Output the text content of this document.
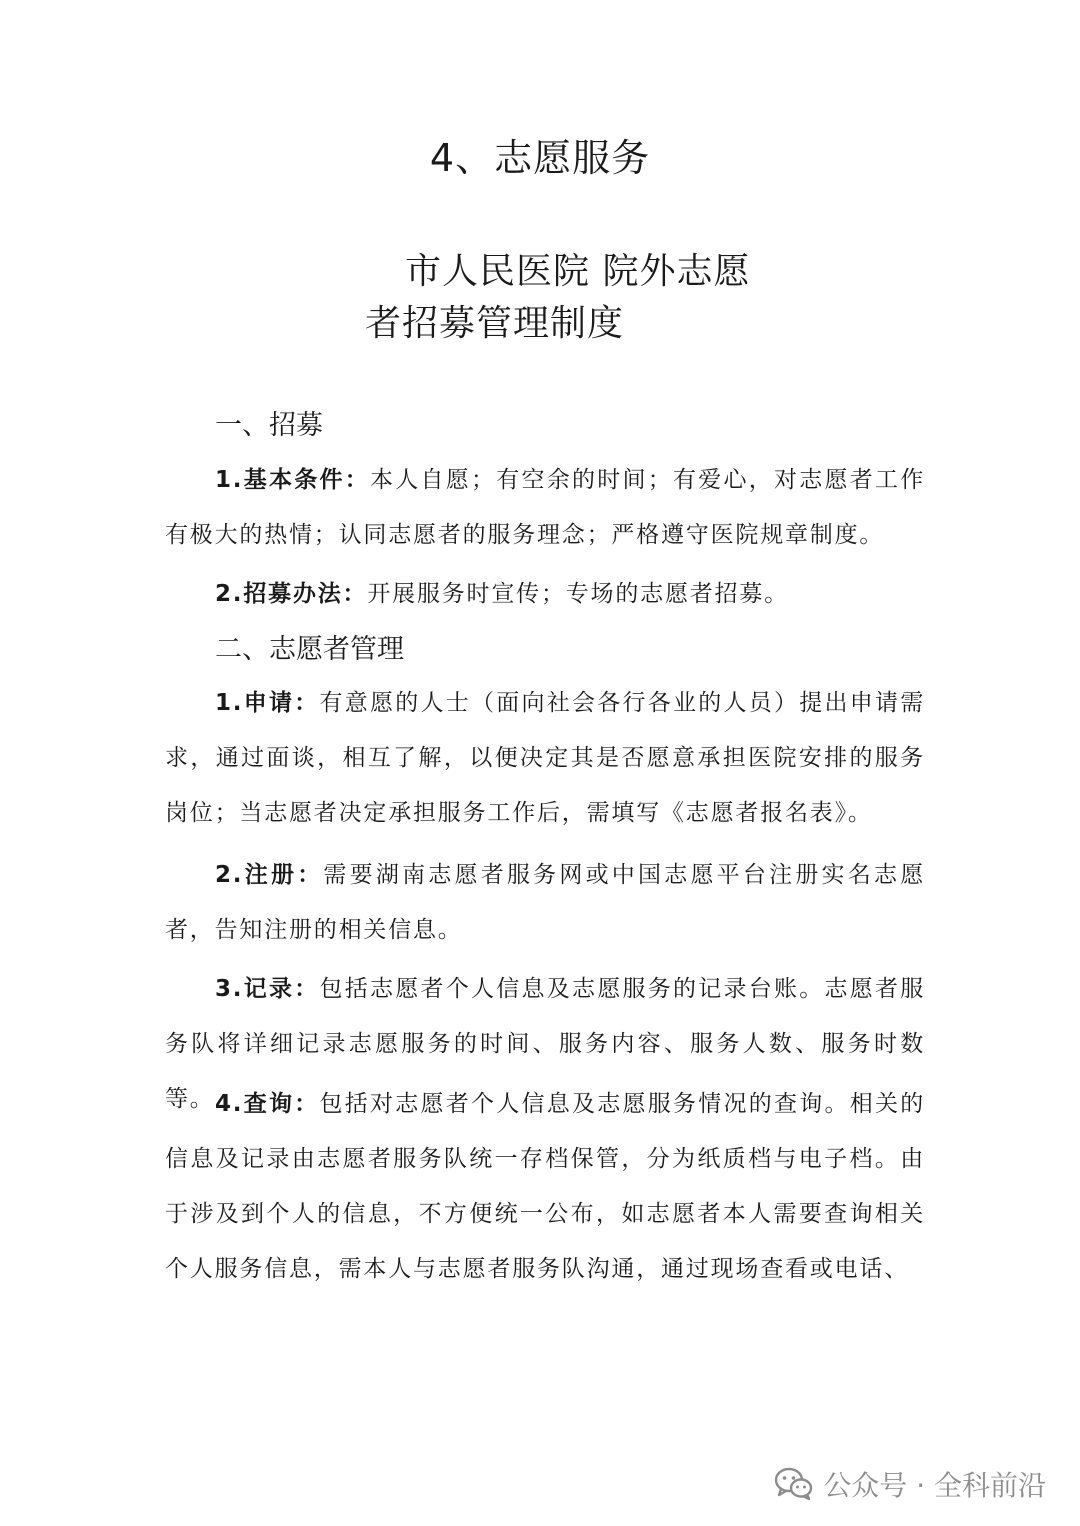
4、志愿服务
市人民医院 院外志愿
者招募管理制度
一、招募

1.基本条件：本人自愿；有空余的时间；有爱心，对志愿者工作有极大的热情；认同志愿者的服务理念；严格遵守医院规章制度。

2.招募办法：开展服务时宣传；专场的志愿者招募。

二、志愿者管理

1.申请：有意愿的人士（面向社会各行各业的人员）提出申请需求，通过面谈，相互了解，以便决定其是否愿意承担医院安排的服务岗位；当志愿者决定承担服务工作后，需填写《志愿者报名表》。

2.注册：需要湖南志愿者服务网或中国志愿平台注册实名志愿者，告知注册的相关信息。

3.记录：包括志愿者个人信息及志愿服务的记录台账。志愿者服务队将详细记录志愿服务的时间、服务内容、服务人数、服务时数等。 4.查询：包括对志愿者个人信息及志愿服务情况的查询。相关的信息及记录由志愿者服务队统一存档保管，分为纸质档与电子档。由于涉及到个人的信息，不方便统一公布，如志愿者本人需要查询相关个人服务信息，需本人与志愿者服务队沟通，通过现场查看或电话、

公众号 · 全科前沿
